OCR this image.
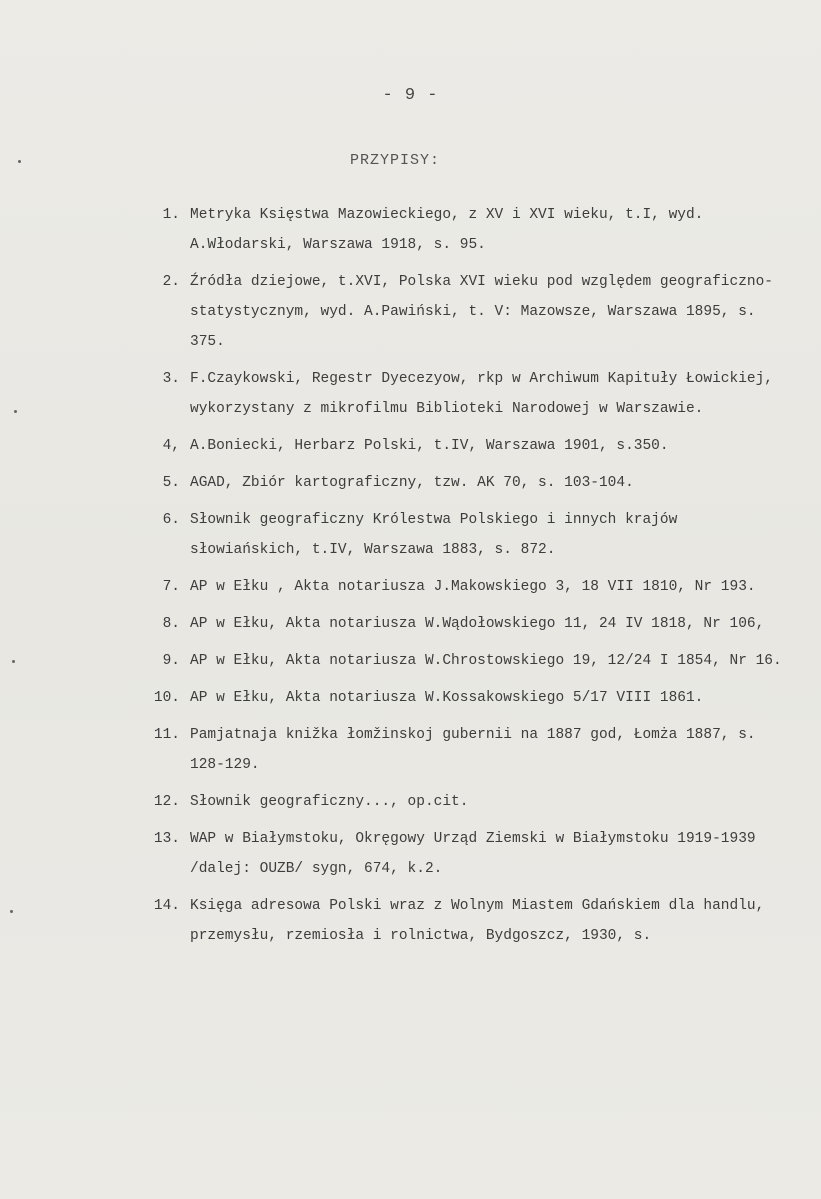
- 9 -
PRZYPISY:
1. Metryka Księstwa Mazowieckiego, z XV i XVI wieku, t.I, wyd. A.Włodarski, Warszawa 1918, s. 95.
2. Źródła dziejowe, t.XVI, Polska XVI wieku pod względem geograficzno-statystycznym, wyd. A.Pawiński, t. V: Mazowsze, Warszawa 1895, s. 375.
3. F.Czaykowski, Regestr Dyecezyow, rkp w Archiwum Kapituły Łowickiej, wykorzystany z mikrofilmu Biblioteki Narodowej w Warszawie.
4, A.Boniecki, Herbarz Polski, t.IV, Warszawa 1901, s.350.
5. AGAD, Zbiór kartograficzny, tzw. AK 70, s. 103-104.
6. Słownik geograficzny Królestwa Polskiego i innych krajów słowiańskich, t.IV, Warszawa 1883, s. 872.
7. AP w Ełku , Akta notariusza J.Makowskiego 3, 18 VII 1810, Nr 193.
8. AP w Ełku, Akta notariusza W.Wądołowskiego 11, 24 IV 1818, Nr 106,
9. AP w Ełku, Akta notariusza W.Chrostowskiego 19, 12/24 I 1854, Nr 16.
10. AP w Ełku, Akta notariusza W.Kossakowskiego 5/17 VIII 1861.
11. Pamjatnaja knižka łomžinskoj gubernii na 1887 god, Łomża 1887, s. 128-129.
12. Słownik geograficzny..., op.cit.
13. WAP w Białymstoku, Okręgowy Urząd Ziemski w Białymstoku 1919-1939 /dalej: OUZB/ sygn, 674, k.2.
14. Księga adresowa Polski wraz z Wolnym Miastem Gdańskiem dla handlu, przemysłu, rzemiosła i rolnictwa, Bydgoszcz, 1930, s.
